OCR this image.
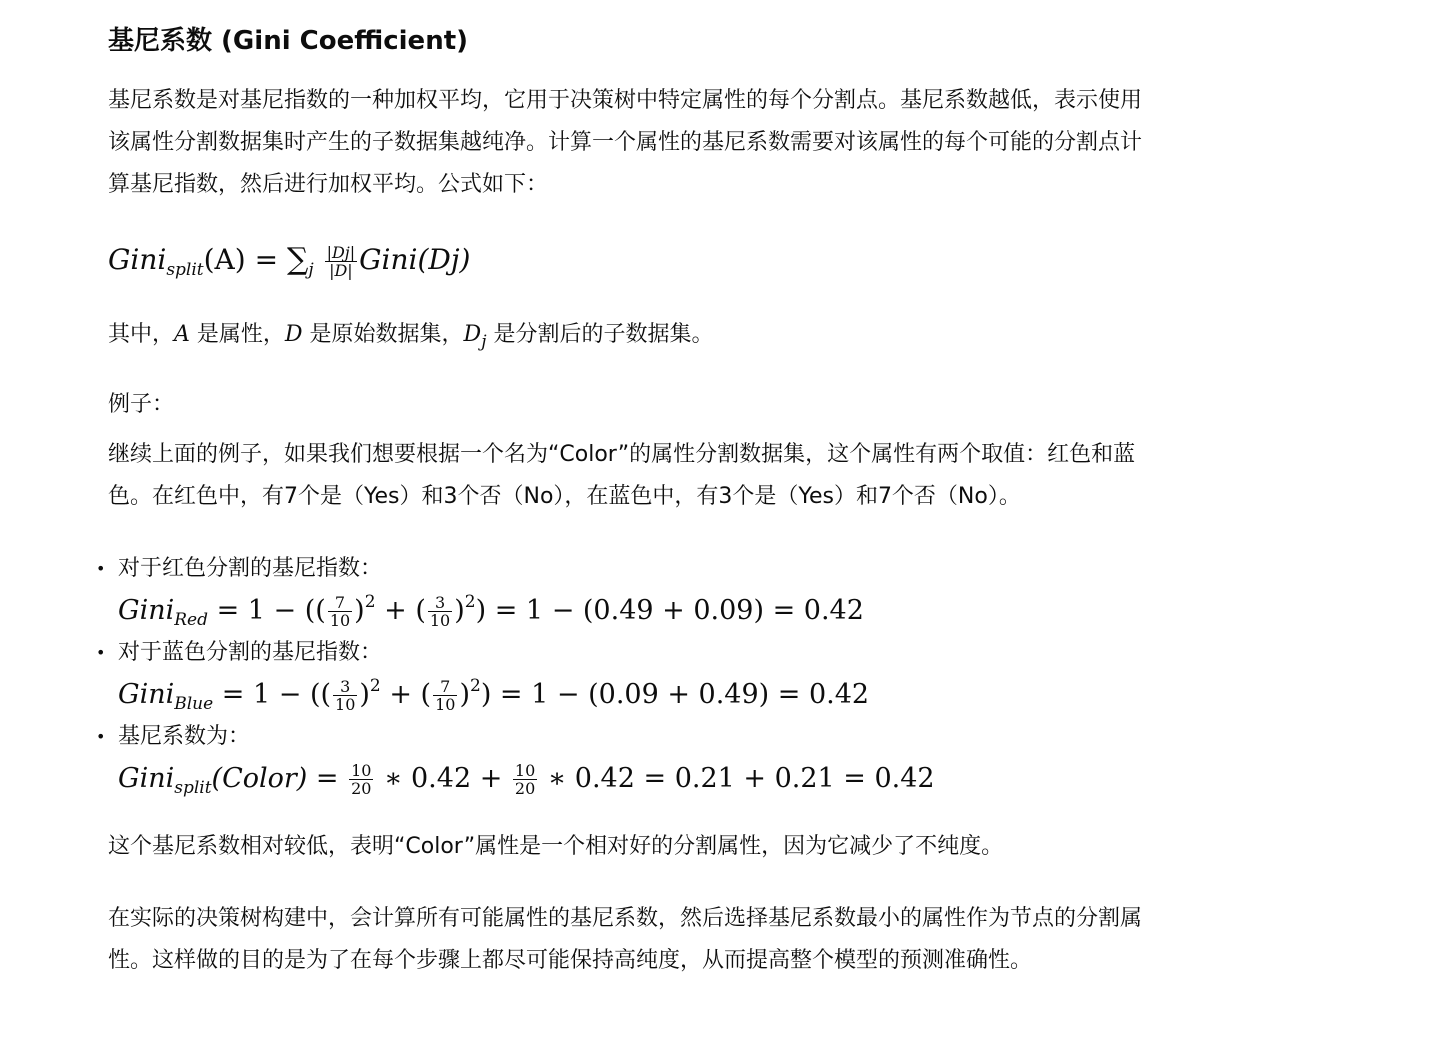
基尼系数 (Gini Coefficient)

基尼系数是对基尼指数的一种加权平均，它用于决策树中特定属性的每个分割点。基尼系数越低，表示使用该属性分割数据集时产生的子数据集越纯净。计算一个属性的基尼系数需要对该属性的每个可能的分割点计算基尼指数，然后进行加权平均。公式如下：

Gini$_{split}$(A) = $\sum_j \frac{|Dj|}{|D|}$ Gini(Dj)

其中，A 是属性，D 是原始数据集，$D_j$ 是分割后的子数据集。

例子：

继续上面的例子，如果我们想要根据一个名为“Color”的属性分割数据集，这个属性有两个取值：红色和蓝色。在红色中，有7个是（Yes）和3个否（No），在蓝色中，有3个是（Yes）和7个否（No）。

• 对于红色分割的基尼指数：
Gini$_{Red}$ = 1 − (( $\frac{7}{10} )^2$ + ( $\frac{3}{10} )^2) = 1 - (0.49 + 0.09) = 0.42$
• 对于蓝色分割的基尼指数：
Gini$_{Blue}$ = 1 − (( $\frac{3}{10} )^2$ + ( $\frac{7}{10} )^2) = 1 - (0.09 + 0.49) = 0.42$
• 基尼系数为：
Gini$_{split}$(Color) = $\frac{10}{20}$ ∗ $0.42 + \frac{10}{20}$ ∗ 0.42 = 0.21 + 0.21 = 0.42

这个基尼系数相对较低，表明“Color”属性是一个相对好的分割属性，因为它减少了不纯度。

在实际的决策树构建中，会计算所有可能属性的基尼系数，然后选择基尼系数最小的属性作为节点的分割属性。这样做的目的是为了在每个步骤上都尽可能保持高纯度，从而提高整个模型的预测准确性。
